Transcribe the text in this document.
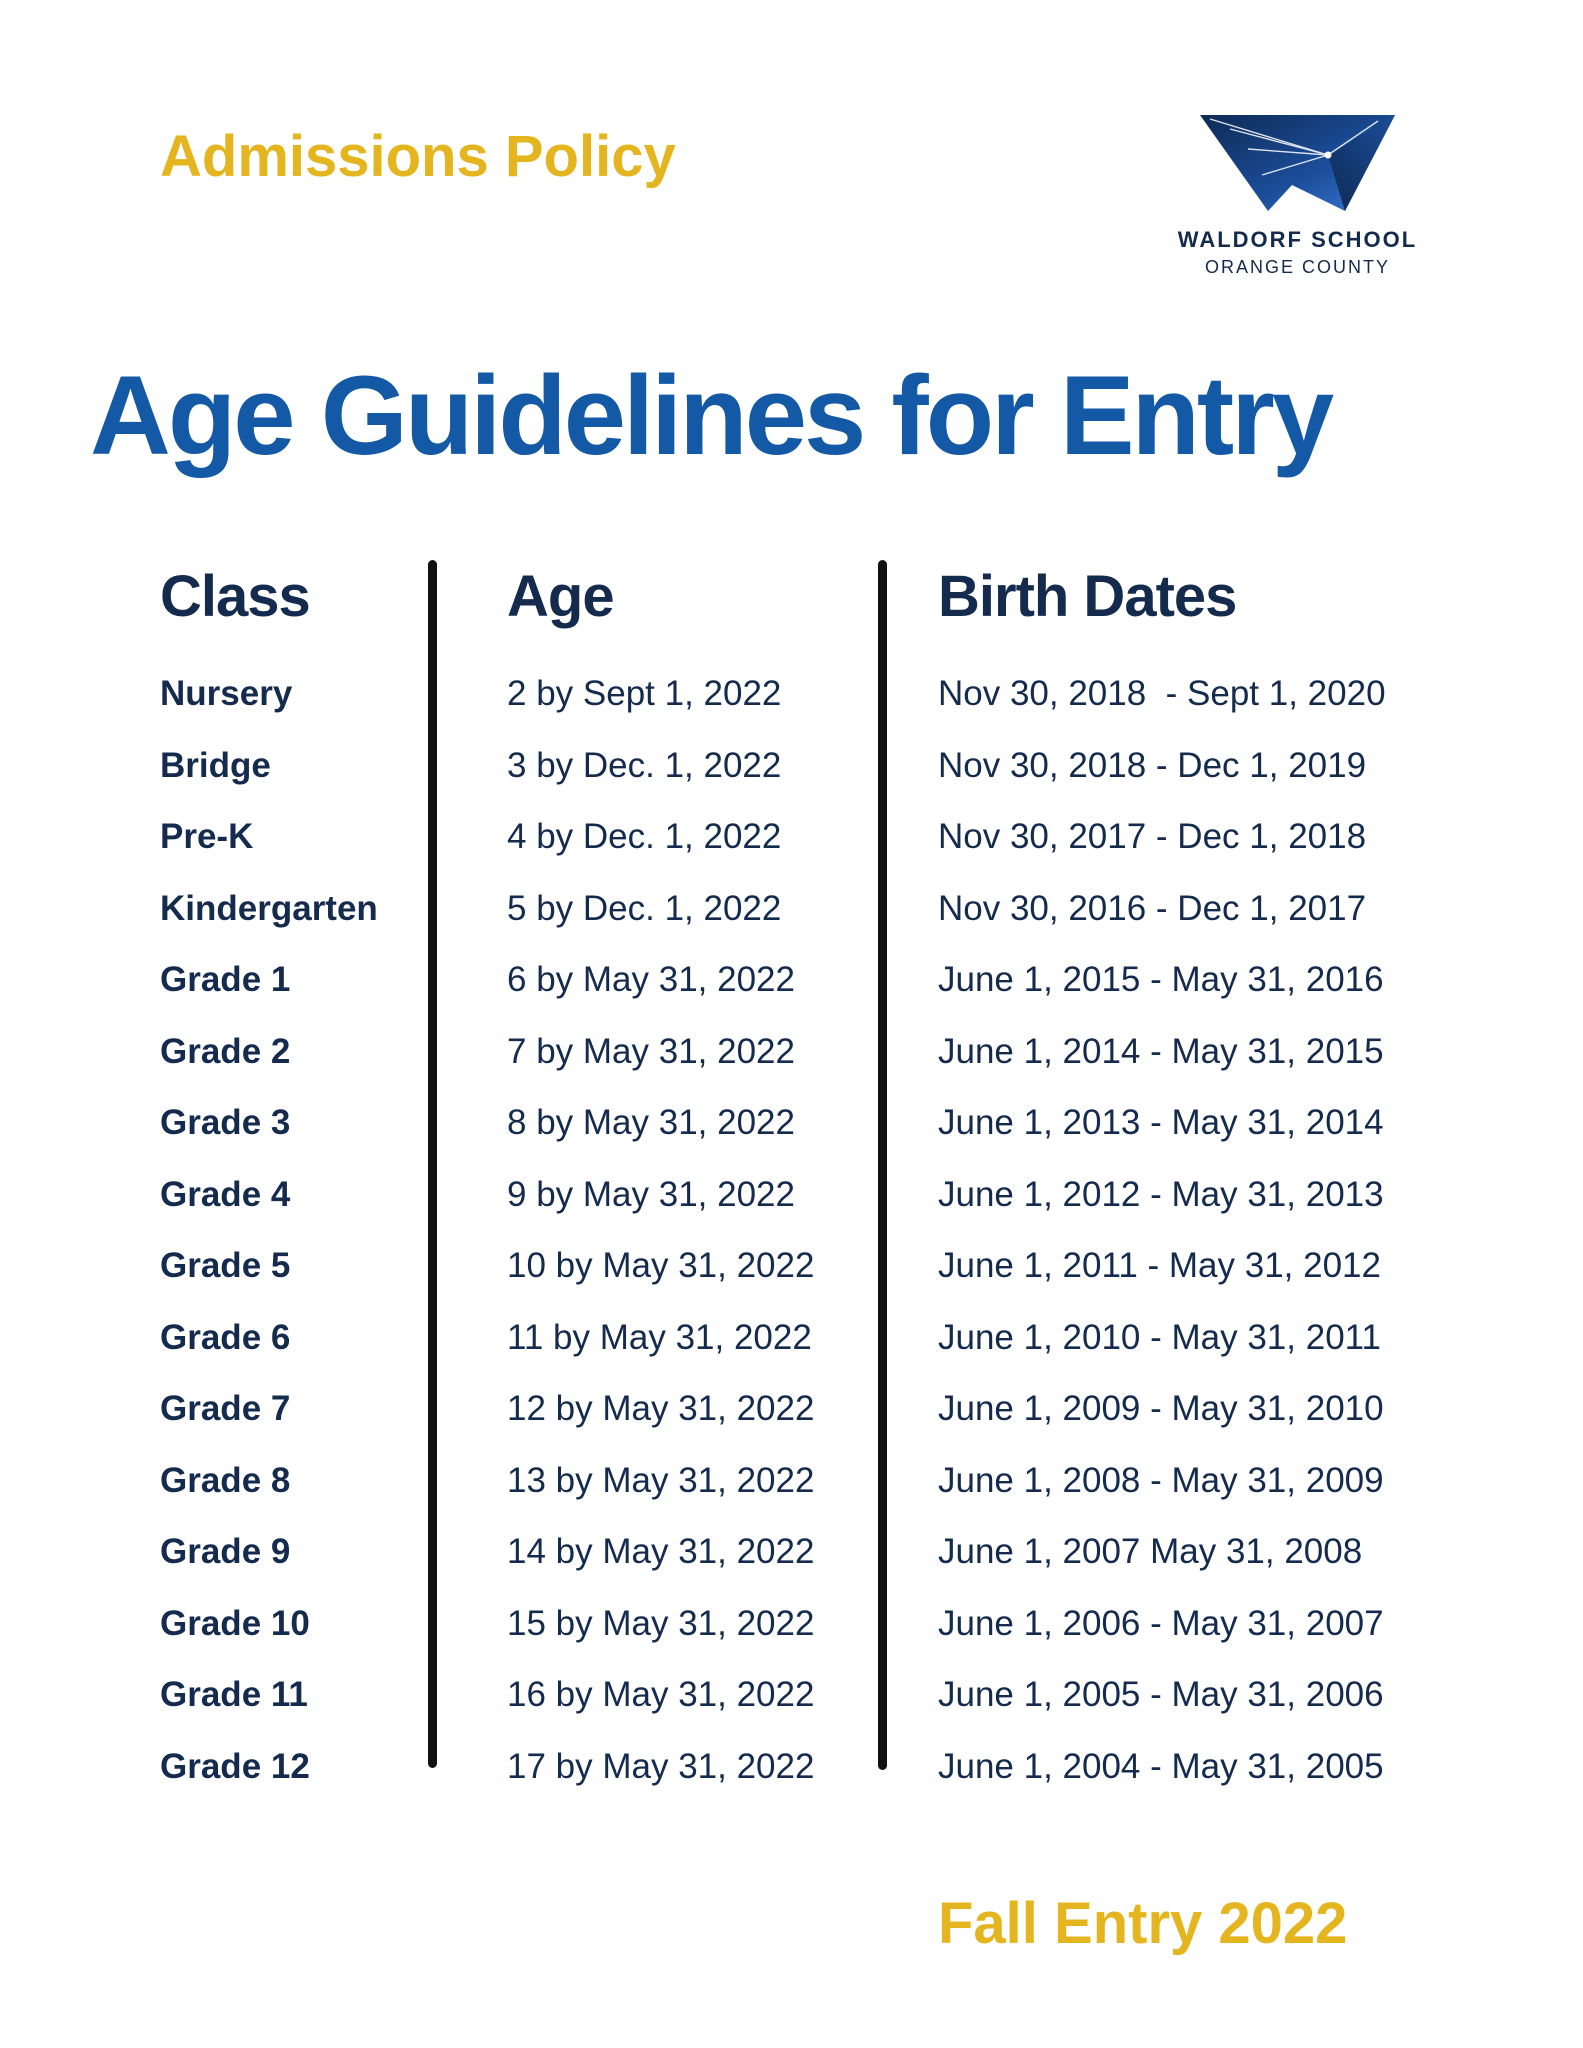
Admissions Policy
WALDORF SCHOOL
ORANGE COUNTY
Age Guidelines for Entry
Class	Age	Birth Dates
Nursery	2 by Sept 1, 2022	Nov 30, 2018  - Sept 1, 2020
Bridge	3 by Dec. 1, 2022	Nov 30, 2018 - Dec 1, 2019
Pre-K	4 by Dec. 1, 2022	Nov 30, 2017 - Dec 1, 2018
Kindergarten	5 by Dec. 1, 2022	Nov 30, 2016 - Dec 1, 2017
Grade 1	6 by May 31, 2022	June 1, 2015 - May 31, 2016
Grade 2	7 by May 31, 2022	June 1, 2014 - May 31, 2015
Grade 3	8 by May 31, 2022	June 1, 2013 - May 31, 2014
Grade 4	9 by May 31, 2022	June 1, 2012 - May 31, 2013
Grade 5	10 by May 31, 2022	June 1, 2011 - May 31, 2012
Grade 6	11 by May 31, 2022	June 1, 2010 - May 31, 2011
Grade 7	12 by May 31, 2022	June 1, 2009 - May 31, 2010
Grade 8	13 by May 31, 2022	June 1, 2008 - May 31, 2009
Grade 9	14 by May 31, 2022	June 1, 2007 May 31, 2008
Grade 10	15 by May 31, 2022	June 1, 2006 - May 31, 2007
Grade 11	16 by May 31, 2022	June 1, 2005 - May 31, 2006
Grade 12	17 by May 31, 2022	June 1, 2004 - May 31, 2005
Fall Entry 2022
